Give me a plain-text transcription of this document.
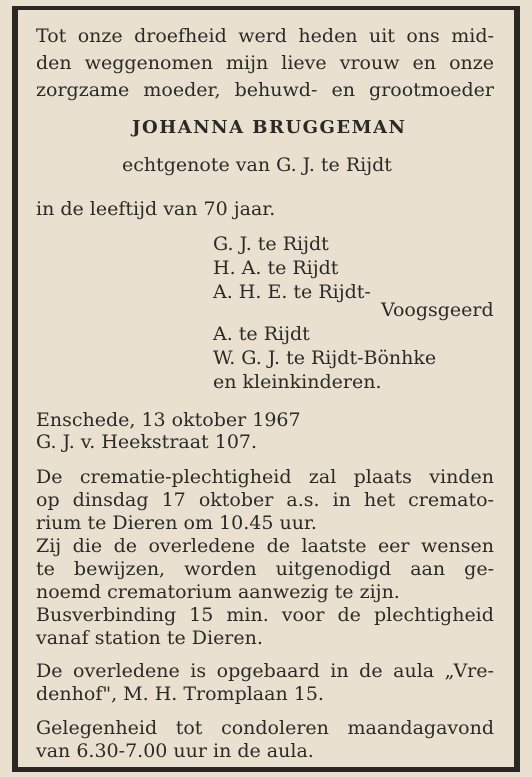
Tot onze droefheid werd heden uit ons mid-
den weggenomen mijn lieve vrouw en onze
zorgzame moeder, behuwd- en grootmoeder
JOHANNA BRUGGEMAN
echtgenote van G. J. te Rijdt
in de leeftijd van 70 jaar.
G. J. te Rijdt
H. A. te Rijdt
A. H. E. te Rijdt-
Voogsgeerd
A. te Rijdt
W. G. J. te Rijdt-Bönhke
en kleinkinderen.
Enschede, 13 oktober 1967
G. J. v. Heekstraat 107.
De crematie-plechtigheid zal plaats vinden
op dinsdag 17 oktober a.s. in het cremato-
rium te Dieren om 10.45 uur.
Zij die de overledene de laatste eer wensen
te bewijzen, worden uitgenodigd aan ge-
noemd crematorium aanwezig te zijn.
Busverbinding 15 min. voor de plechtigheid
vanaf station te Dieren.
De overledene is opgebaard in de aula „Vre-
denhof", M. H. Tromplaan 15.
Gelegenheid tot condoleren maandagavond
van 6.30-7.00 uur in de aula.
